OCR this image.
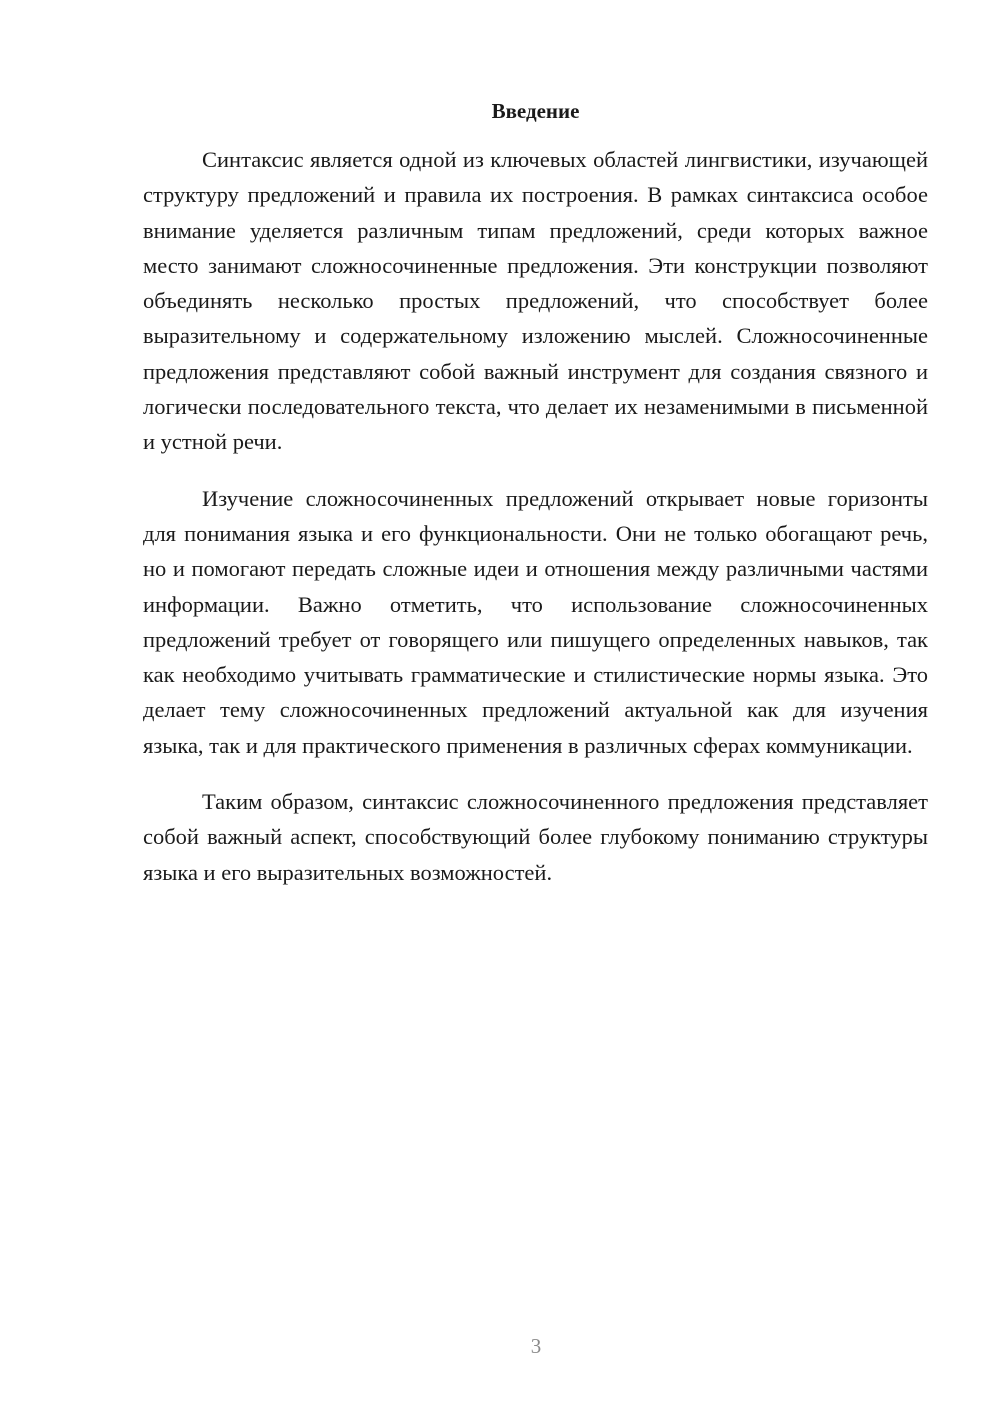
Введение

Синтаксис является одной из ключевых областей лингвистики, изучающей структуру предложений и правила их построения. В рамках синтаксиса особое внимание уделяется различным типам предложений, среди которых важное место занимают сложносочиненные предложения. Эти конструкции позволяют объединять несколько простых предложений, что способствует более выразительному и содержательному изложению мыслей. Сложносочиненные предложения представляют собой важный инструмент для создания связного и логически последовательного текста, что делает их незаменимыми в письменной и устной речи.

Изучение сложносочиненных предложений открывает новые горизонты для понимания языка и его функциональности. Они не только обогащают речь, но и помогают передать сложные идеи и отношения между различными частями информации. Важно отметить, что использование сложносочиненных предложений требует от говорящего или пишущего определенных навыков, так как необходимо учитывать грамматические и стилистические нормы языка. Это делает тему сложносочиненных предложений актуальной как для изучения языка, так и для практического применения в различных сферах коммуникации.

Таким образом, синтаксис сложносочиненного предложения представляет собой важный аспект, способствующий более глубокому пониманию структуры языка и его выразительных возможностей.

3
